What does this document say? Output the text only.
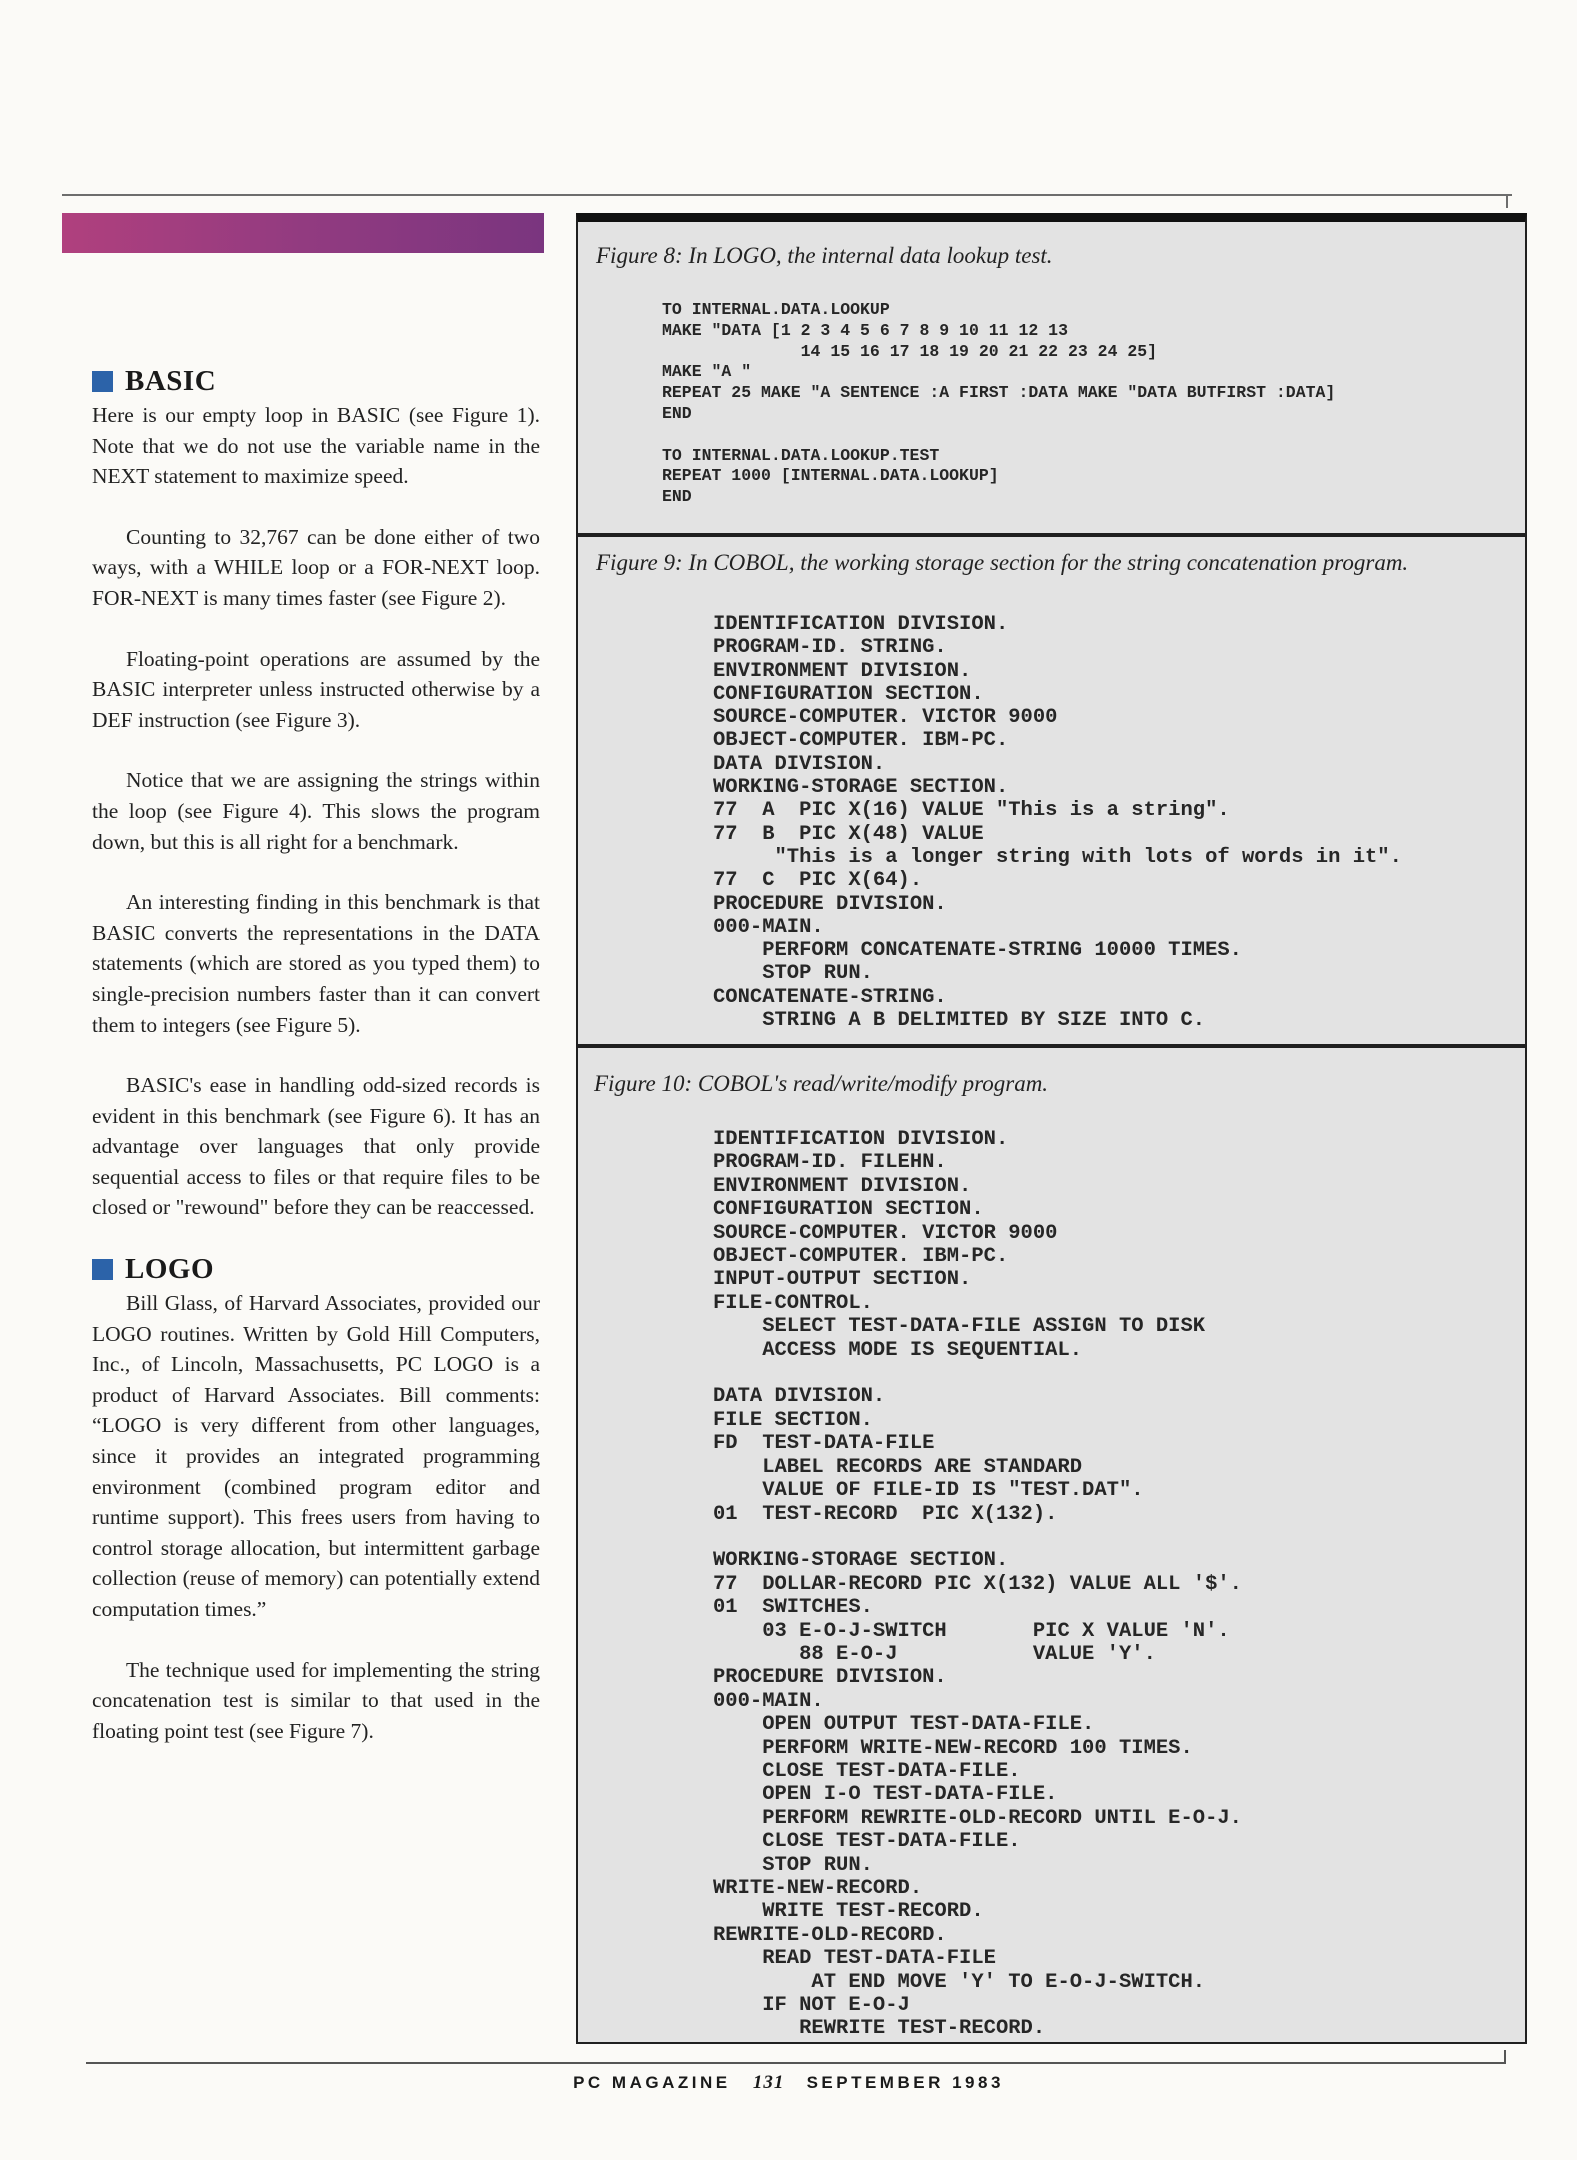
BASIC

Here is our empty loop in BASIC (see Figure 1). Note that we do not use the variable name in the NEXT statement to maximize speed.

Counting to 32,767 can be done either of two ways, with a WHILE loop or a FOR-NEXT loop. FOR-NEXT is many times faster (see Figure 2).

Floating-point operations are assumed by the BASIC interpreter unless instructed otherwise by a DEF instruction (see Figure 3).

Notice that we are assigning the strings within the loop (see Figure 4). This slows the program down, but this is all right for a benchmark.

An interesting finding in this benchmark is that BASIC converts the representations in the DATA statements (which are stored as you typed them) to single-precision numbers faster than it can convert them to integers (see Figure 5).

BASIC's ease in handling odd-sized records is evident in this benchmark (see Figure 6). It has an advantage over languages that only provide sequential access to files or that require files to be closed or "rewound" before they can be reaccessed.

LOGO

Bill Glass, of Harvard Associates, provided our LOGO routines. Written by Gold Hill Computers, Inc., of Lincoln, Massachusetts, PC LOGO is a product of Harvard Associates. Bill comments: “LOGO is very different from other languages, since it provides an integrated programming environment (combined program editor and runtime support). This frees users from having to control storage allocation, but intermittent garbage collection (reuse of memory) can potentially extend computation times.”

The technique used for implementing the string concatenation test is similar to that used in the floating point test (see Figure 7).

Figure 8: In LOGO, the internal data lookup test.

TO INTERNAL.DATA.LOOKUP
MAKE "DATA [1 2 3 4 5 6 7 8 9 10 11 12 13
14 15 16 17 18 19 20 21 22 23 24 25]
MAKE "A "
REPEAT 25 MAKE "A SENTENCE :A FIRST :DATA MAKE "DATA BUTFIRST :DATA]
END

TO INTERNAL.DATA.LOOKUP.TEST
REPEAT 1000 [INTERNAL.DATA.LOOKUP]
END

Figure 9: In COBOL, the working storage section for the string concatenation program.

IDENTIFICATION DIVISION.
PROGRAM-ID. STRING.
ENVIRONMENT DIVISION.
CONFIGURATION SECTION.
SOURCE-COMPUTER. VICTOR 9000
OBJECT-COMPUTER. IBM-PC.
DATA DIVISION.
WORKING-STORAGE SECTION.
77  A  PIC X(16) VALUE "This is a string".
77  B  PIC X(48) VALUE
"This is a longer string with lots of words in it".
77  C  PIC X(64).
PROCEDURE DIVISION.
000-MAIN.
PERFORM CONCATENATE-STRING 10000 TIMES.
STOP RUN.
CONCATENATE-STRING.
STRING A B DELIMITED BY SIZE INTO C.

Figure 10: COBOL's read/write/modify program.

IDENTIFICATION DIVISION.
PROGRAM-ID. FILEHN.
ENVIRONMENT DIVISION.
CONFIGURATION SECTION.
SOURCE-COMPUTER. VICTOR 9000
OBJECT-COMPUTER. IBM-PC.
INPUT-OUTPUT SECTION.
FILE-CONTROL.
SELECT TEST-DATA-FILE ASSIGN TO DISK
ACCESS MODE IS SEQUENTIAL.

DATA DIVISION.
FILE SECTION.
FD  TEST-DATA-FILE
LABEL RECORDS ARE STANDARD
VALUE OF FILE-ID IS "TEST.DAT".
01  TEST-RECORD  PIC X(132).

WORKING-STORAGE SECTION.
77  DOLLAR-RECORD PIC X(132) VALUE ALL '$'.
01  SWITCHES.
03 E-O-J-SWITCH       PIC X VALUE 'N'.
88 E-O-J           VALUE 'Y'.
PROCEDURE DIVISION.
000-MAIN.
OPEN OUTPUT TEST-DATA-FILE.
PERFORM WRITE-NEW-RECORD 100 TIMES.
CLOSE TEST-DATA-FILE.
OPEN I-O TEST-DATA-FILE.
PERFORM REWRITE-OLD-RECORD UNTIL E-O-J.
CLOSE TEST-DATA-FILE.
STOP RUN.
WRITE-NEW-RECORD.
WRITE TEST-RECORD.
REWRITE-OLD-RECORD.
READ TEST-DATA-FILE
AT END MOVE 'Y' TO E-O-J-SWITCH.
IF NOT E-O-J
REWRITE TEST-RECORD.
PC MAGAZINE 131 SEPTEMBER 1983
